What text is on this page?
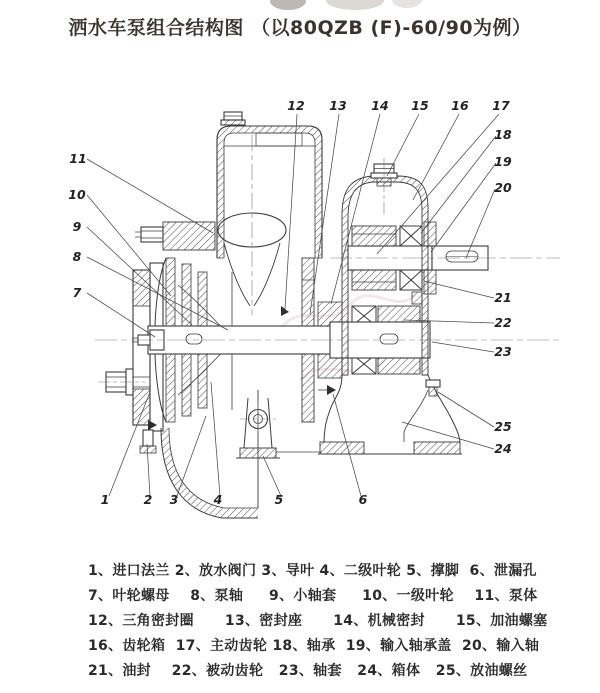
洒水车泵组合结构图 （以80QZB (F)-60/90为例）
1	2 3	4	5	6
7
8
9
10
11
12 13 14 15 16 17
18
19
20
21
22
23
24
25
1、进口法兰 2、放水阀门 3、导叶 4、二级叶轮 5、撑脚  6、泄漏孔
7、叶轮螺母    8、泵轴     9、小轴套     10、一级叶轮    11、泵体
12、三角密封圈      13、密封座      14、机械密封      15、加油螺塞
16、齿轮箱  17、主动齿轮 18、轴承  19、输入轴承盖  20、输入轴
21、油封    22、被动齿轮   23、轴套   24、箱体   25、放油螺丝
